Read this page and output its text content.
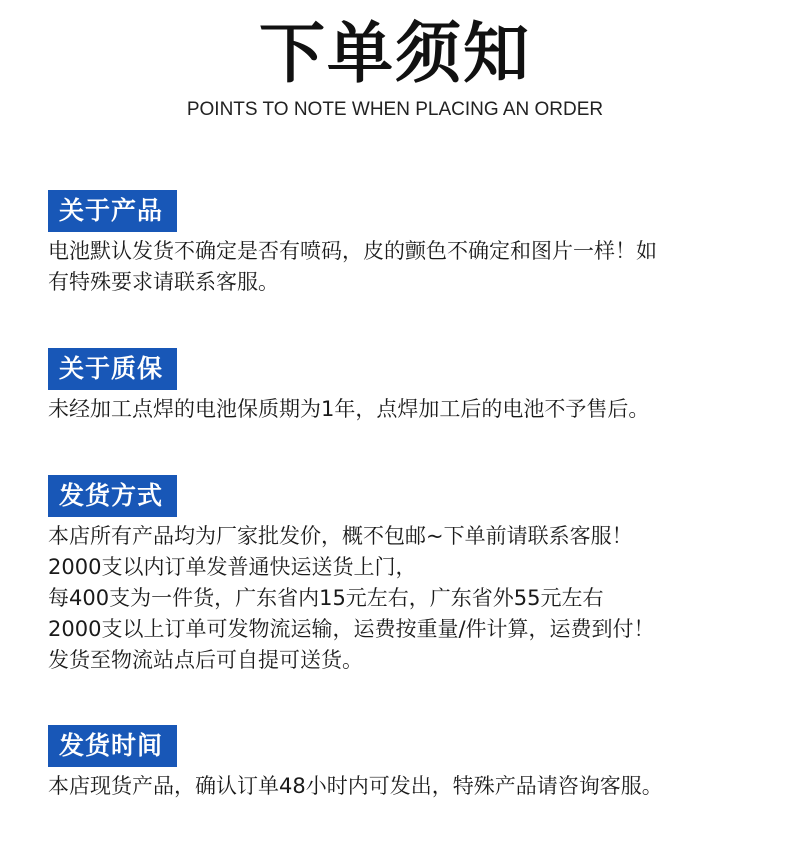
下单须知
POINTS TO NOTE WHEN PLACING AN ORDER
关于产品
电池默认发货不确定是否有喷码，皮的颤色不确定和图片一样！如
有特殊要求请联系客服。
关于质保
未经加工点焊的电池保质期为1年，点焊加工后的电池不予售后。
发货方式
本店所有产品均为厂家批发价，概不包邮~下单前请联系客服！
2000支以内订单发普通快运送货上门，
每400支为一件货，广东省内15元左右，广东省外55元左右
2000支以上订单可发物流运输，运费按重量/件计算，运费到付！
发货至物流站点后可自提可送货。
发货时间
本店现货产品，确认订单48小时内可发出，特殊产品请咨询客服。
